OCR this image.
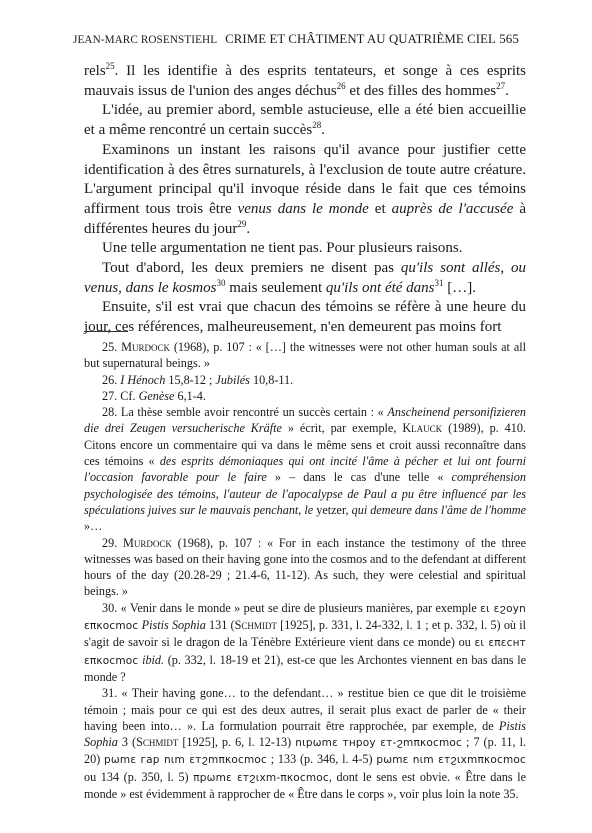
JEAN-MARC ROSENSTIEHL CRIME ET CHÂTIMENT AU QUATRIÈME CIEL 565

rels$^{25}$. Il les identifie à des esprits tentateurs, et songe à ces esprits mauvais issus de l'union des anges déchus$^{26}$ et des filles des hommes$^{27}$.

L'idée, au premier abord, semble astucieuse, elle a été bien accueillie et a même rencontré un certain succès$^{28}$.

Examinons un instant les raisons qu'il avance pour justifier cette identification à des êtres surnaturels, à l'exclusion de toute autre créature. L'argument principal qu'il invoque réside dans le fait que ces témoins affirment tous trois être venus dans le monde et auprès de l'accusée à différentes heures du jour$^{29}$.

Une telle argumentation ne tient pas. Pour plusieurs raisons.

Tout d'abord, les deux premiers ne disent pas qu'ils sont allés, ou venus, dans le kosmos$^{30}$ mais seulement qu'ils ont été dans$^{31}$ […].

Ensuite, s'il est vrai que chacun des témoins se réfère à une heure du jour, ces références, malheureusement, n'en demeurent pas moins fort

25. Murdock (1968), p. 107 : « […] the witnesses were not other human souls at all but supernatural beings. »

26. I Hénoch 15,8-12 ; Jubilés 10,8-11.

27. Cf. Genèse 6,1-4.

28. La thèse semble avoir rencontré un succès certain : « Anscheinend personifizieren die drei Zeugen versucherische Kräfte » écrit, par exemple, Klauck (1989), p. 410. Citons encore un commentaire qui va dans le même sens et croit aussi reconnaître dans ces témoins « des esprits démoniaques qui ont incité l'âme à pécher et lui ont fourni l'occasion favorable pour le faire » – dans le cas d'une telle « compréhension psychologisée des témoins, l'auteur de l'apocalypse de Paul a pu être influencé par les spéculations juives sur le mauvais penchant, le yetzer, qui demeure dans l'âme de l'homme »…

29. Murdock (1968), p. 107 : « For in each instance the testimony of the three witnesses was based on their having gone into the cosmos and to the defendant at different hours of the day (20.28-29 ; 21.4-6, 11-12). As such, they were celestial and spiritual beings. »

30. « Venir dans le monde » peut se dire de plusieurs manières, par exemple ει εϩoyn επκocmoc Pistis Sophia 131 (Schmidt [1925], p. 331, l. 24-332, l. 1 ; et p. 332, l. 5) où il s'agit de savoir si le dragon de la Ténèbre Extérieure vient dans ce monde) ou ει επεcнт επκocmoc ibid. (p. 332, l. 18-19 et 21), est-ce que les Archontes viennent en bas dans le monde ?

31. « Their having gone… to the defendant… » restitue bien ce que dit le troisième témoin ; mais pour ce qui est des deux autres, il serait plus exact de parler de « their having been into… ». La formulation pourrait être rapprochée, par exemple, de Pistis Sophia 3 (Schmidt [1925], p. 6, l. 12-13) nιpωmε тнpoy εт-ϩmπκocmoc ; 7 (p. 11, l. 20) pωmε гap nιm εтϩmπκocmoc ; 133 (p. 346, l. 4-5) pωmε nιm εтϩιхmπκocmoc ou 134 (p. 350, l. 5) πpωmε εтϩιхm-πκocmoc, dont le sens est obvie. « Être dans le monde » est évidemment à rapprocher de « Être dans le corps », voir plus loin la note 35.
